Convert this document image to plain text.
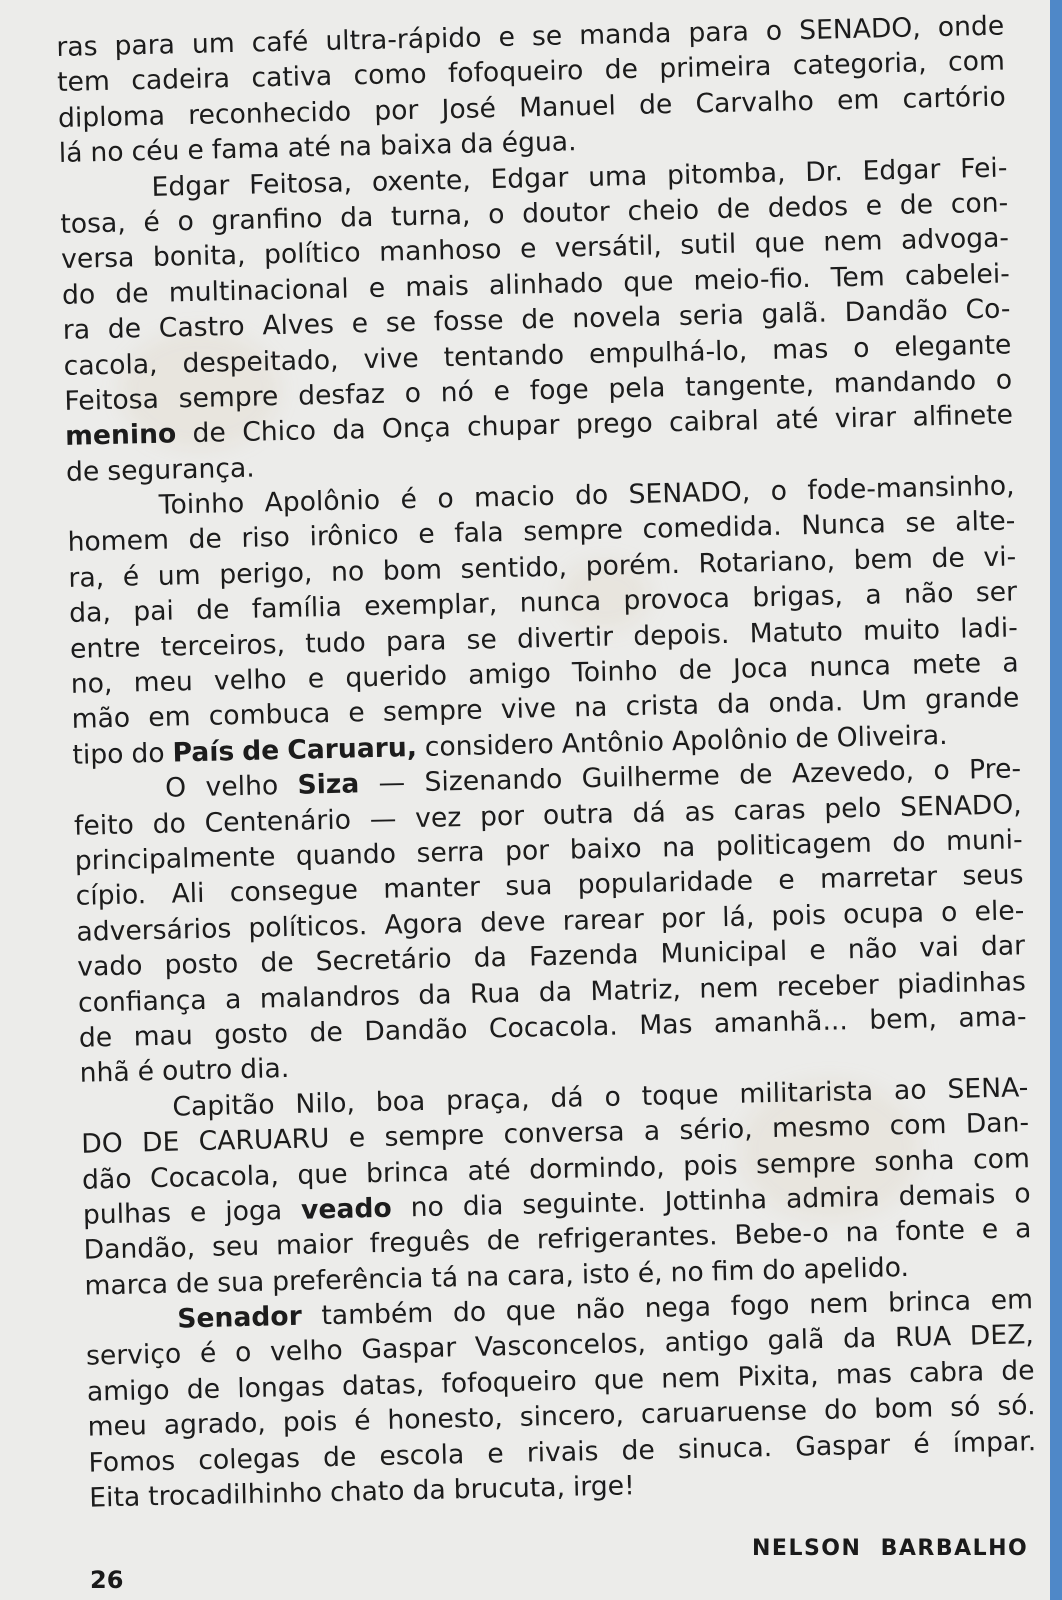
ras para um café ultra-rápido e se manda para o SENADO, onde
tem cadeira cativa como fofoqueiro de primeira categoria, com
diploma reconhecido por José Manuel de Carvalho em cartório
lá no céu e fama até na baixa da égua.
Edgar Feitosa, oxente, Edgar uma pitomba, Dr. Edgar Fei-
tosa, é o granfino da turna, o doutor cheio de dedos e de con-
versa bonita, político manhoso e versátil, sutil que nem advoga-
do de multinacional e mais alinhado que meio-fio. Tem cabelei-
ra de Castro Alves e se fosse de novela seria galã. Dandão Co-
cacola, despeitado, vive tentando empulhá-lo, mas o elegante
Feitosa sempre desfaz o nó e foge pela tangente, mandando o
menino de Chico da Onça chupar prego caibral até virar alfinete
de segurança.
Toinho Apolônio é o macio do SENADO, o fode-mansinho,
homem de riso irônico e fala sempre comedida. Nunca se alte-
ra, é um perigo, no bom sentido, porém. Rotariano, bem de vi-
da, pai de família exemplar, nunca provoca brigas, a não ser
entre terceiros, tudo para se divertir depois. Matuto muito ladi-
no, meu velho e querido amigo Toinho de Joca nunca mete a
mão em combuca e sempre vive na crista da onda. Um grande
tipo do País de Caruaru, considero Antônio Apolônio de Oliveira.
O velho Siza — Sizenando Guilherme de Azevedo, o Pre-
feito do Centenário — vez por outra dá as caras pelo SENADO,
principalmente quando serra por baixo na politicagem do muni-
cípio. Ali consegue manter sua popularidade e marretar seus
adversários políticos. Agora deve rarear por lá, pois ocupa o ele-
vado posto de Secretário da Fazenda Municipal e não vai dar
confiança a malandros da Rua da Matriz, nem receber piadinhas
de mau gosto de Dandão Cocacola. Mas amanhã... bem, ama-
nhã é outro dia.
Capitão Nilo, boa praça, dá o toque militarista ao SENA-
DO DE CARUARU e sempre conversa a sério, mesmo com Dan-
dão Cocacola, que brinca até dormindo, pois sempre sonha com
pulhas e joga veado no dia seguinte. Jottinha admira demais o
Dandão, seu maior freguês de refrigerantes. Bebe-o na fonte e a
marca de sua preferência tá na cara, isto é, no fim do apelido.
Senador também do que não nega fogo nem brinca em
serviço é o velho Gaspar Vasconcelos, antigo galã da RUA DEZ,
amigo de longas datas, fofoqueiro que nem Pixita, mas cabra de
meu agrado, pois é honesto, sincero, caruaruense do bom só só.
Fomos colegas de escola e rivais de sinuca. Gaspar é ímpar.
Eita trocadilhinho chato da brucuta, irge!
26
NELSON BARBALHO
